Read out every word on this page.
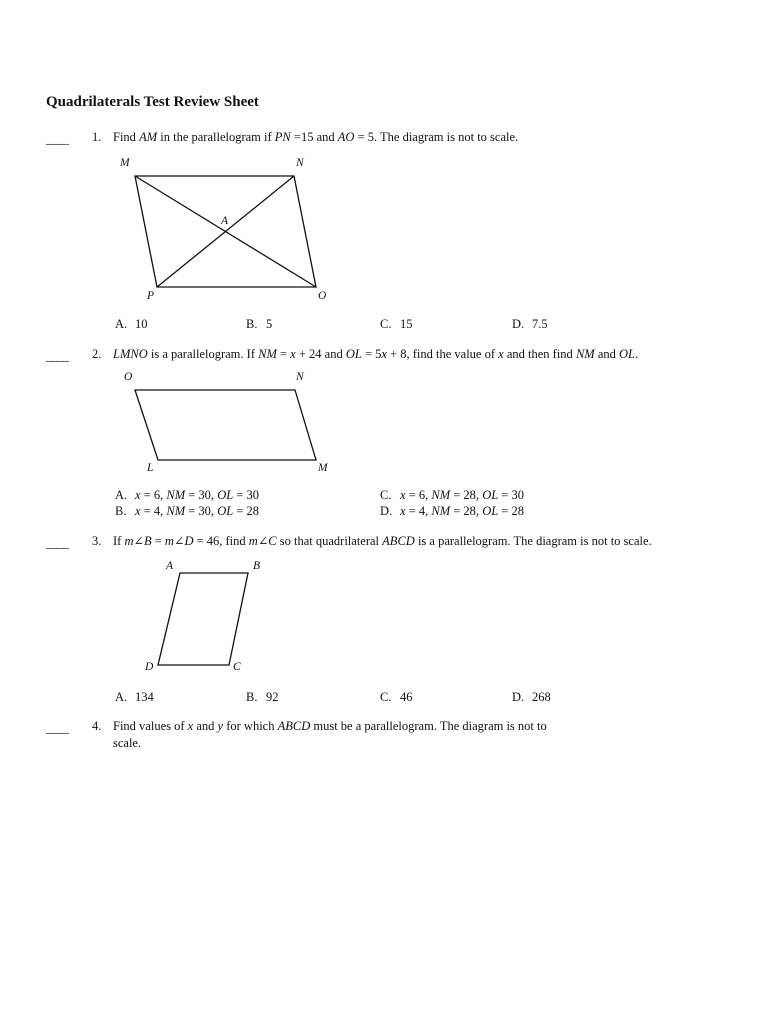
Quadrilaterals Test Review Sheet
____ 1. Find AM in the parallelogram if PN =15 and AO = 5. The diagram is not to scale.
M	N
A
P	O
A. 10	B. 5	C. 15	D. 7.5
____ 2. LMNO is a parallelogram. If NM = x + 24 and OL = 5x + 8, find the value of x and then find NM and OL.
O	N
L	M
A. x = 6, NM = 30, OL = 30
B. x = 4, NM = 30, OL = 28
C. x = 6, NM = 28, OL = 30
D. x = 4, NM = 28, OL = 28
____ 3. If m∠B = m∠D = 46, find m∠C so that quadrilateral ABCD is a parallelogram. The diagram is not to scale.
A	B
D	C
A. 134	B. 92	C. 46	D. 268
____ 4. Find values of x and y for which ABCD must be a parallelogram. The diagram is not to
scale.
